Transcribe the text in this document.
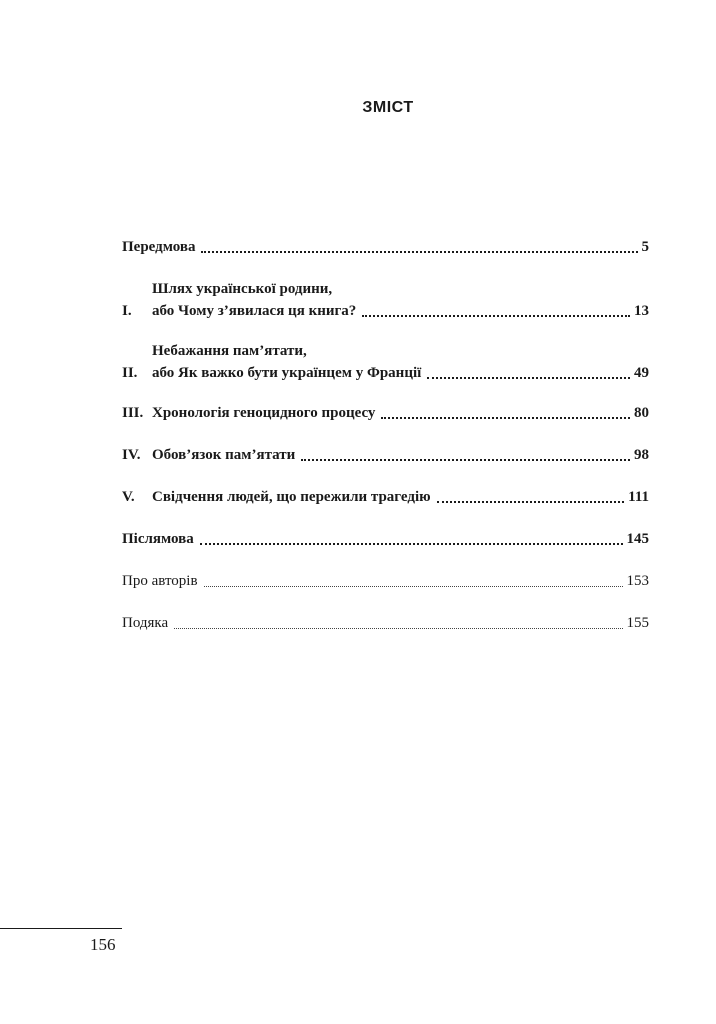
ЗМІСТ
Передмова	5
I.
Шлях української родини,
або Чому з’явилася ця книга?	13
II.
Небажання пам’ятати,
або Як важко бути українцем у Франції	49
III. Хронологія геноцидного процесу	80
IV. Обов’язок пам’ятати	98
V.	Свідчення людей, що пережили трагедію	111
Післямова	145
Про авторів	153
Подяка	155
156
